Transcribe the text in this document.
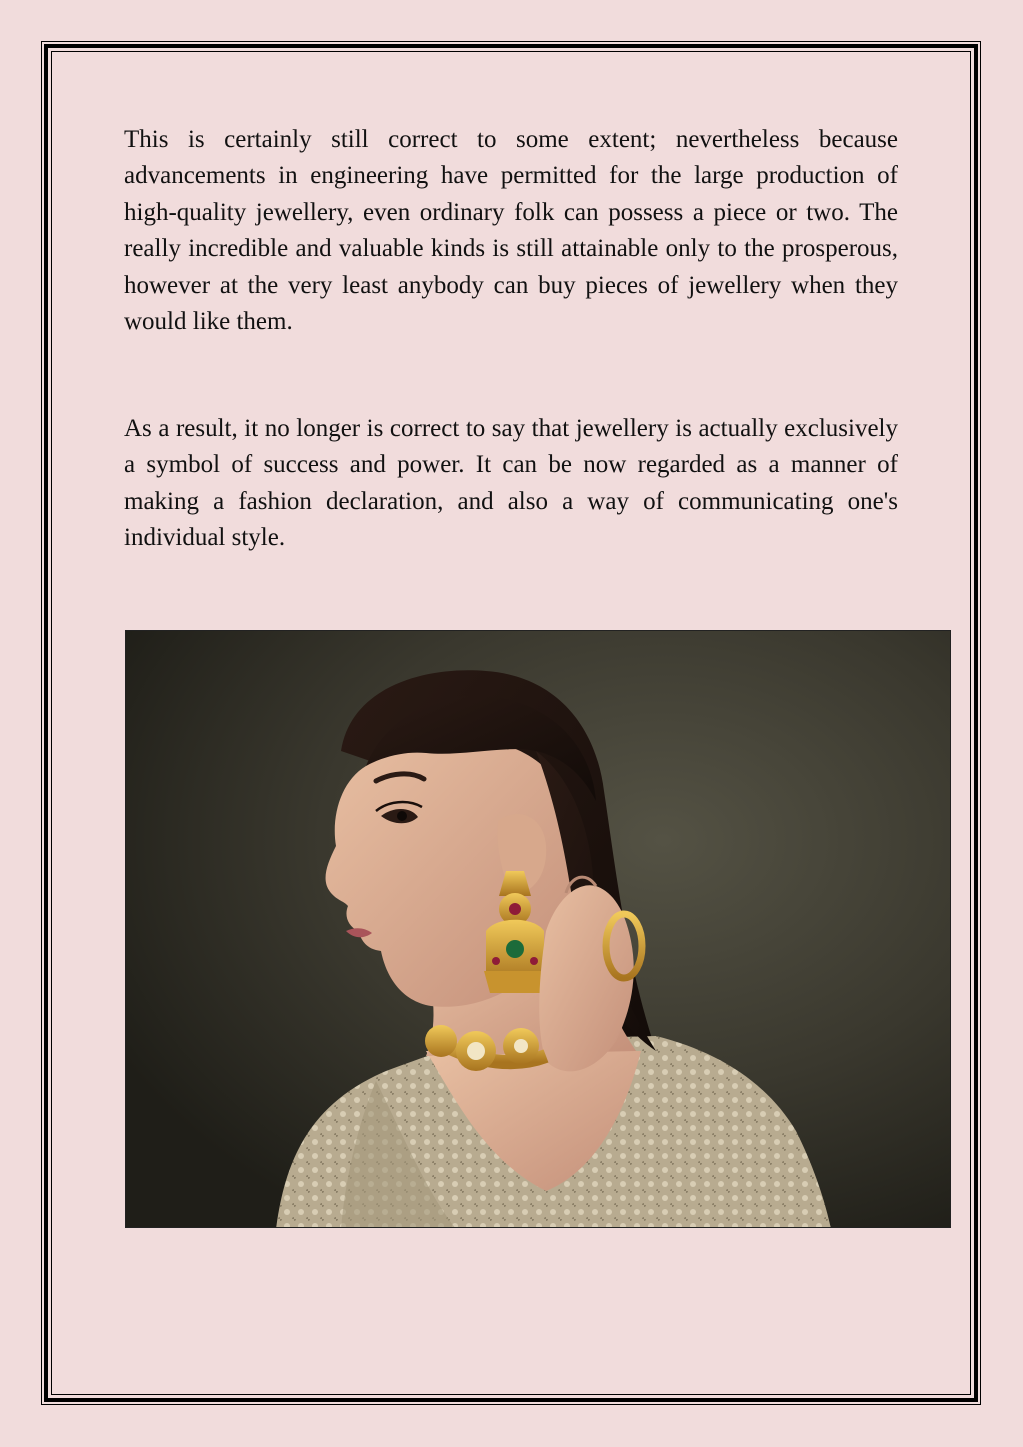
This is certainly still correct to some extent; nevertheless because advancements in engineering have permitted for the large production of high-quality jewellery, even ordinary folk can possess a piece or two. The really incredible and valuable kinds is still attainable only to the prosperous, however at the very least anybody can buy pieces of jewellery when they would like them.

As a result, it no longer is correct to say that jewellery is actually exclusively a symbol of success and power. It can be now regarded as a manner of making a fashion declaration, and also a way of communicating one's individual style.
